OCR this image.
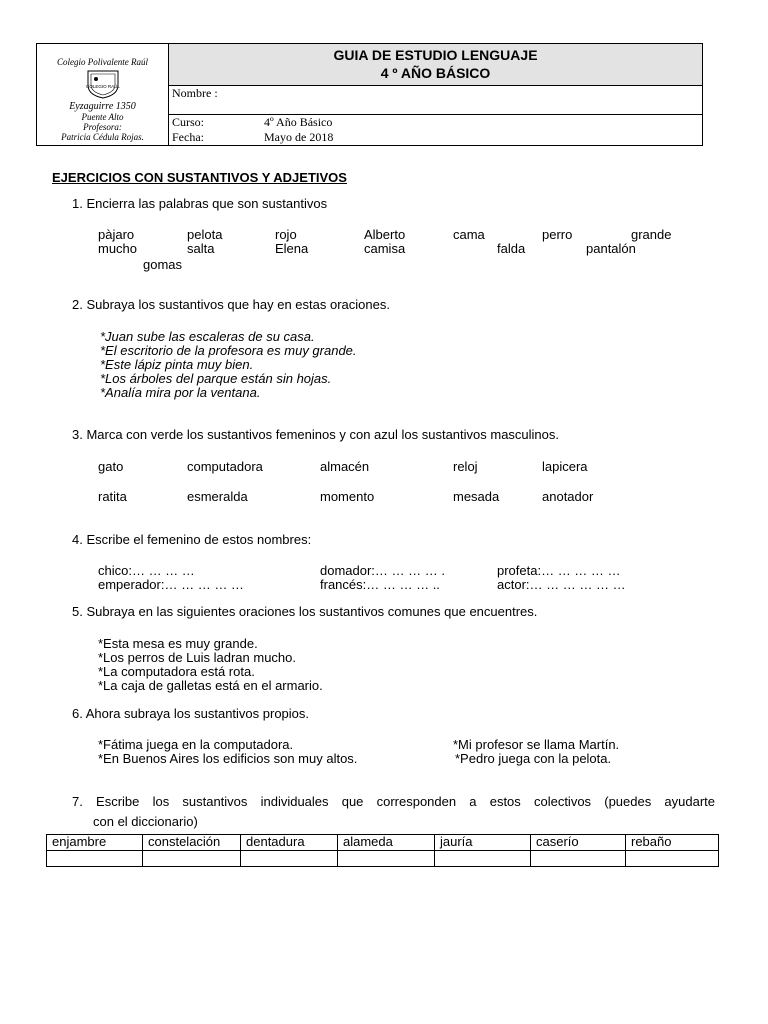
Colegio Polivalente Raúl
COLEGIO RAÚL
Eyzaguirre 1350
Puente Alto
Profesora:
Patricia Cédula Rojas.
GUIA DE ESTUDIO LENGUAJE
4 º AÑO BÁSICO
Nombre :
Curso:	4º Año Básico
Fecha:	Mayo de 2018
EJERCICIOS CON SUSTANTIVOS Y ADJETIVOS
1. Encierra las palabras que son sustantivos
pàjaro	pelota	rojo	Alberto	cama	perro	grande
mucho	salta	Elena	camisa	falda	pantalón
gomas
2. Subraya los sustantivos que hay en estas oraciones.
*Juan sube las escaleras de su casa.
*El escritorio de la profesora es muy grande.
*Este lápiz pinta muy bien.
*Los árboles del parque están sin hojas.
*Analía mira por la ventana.
3. Marca con verde los sustantivos femeninos y con azul los sustantivos masculinos.
gato	computadora	almacén	reloj	lapicera
ratita	esmeralda	momento	mesada	anotador
4. Escribe el femenino de estos nombres:
chico:… … … …	domador:… … … … .	profeta:… … … … …
emperador:… … … … …	francés:… … … … ..	actor:… … … … … …
5. Subraya en las siguientes oraciones los sustantivos comunes que encuentres.
*Esta mesa es muy grande.
*Los perros de Luis ladran mucho.
*La computadora está rota.
*La caja de galletas está en el armario.
6. Ahora subraya los sustantivos propios.
*Fátima juega en la computadora.
*En Buenos Aires los edificios son muy altos.
*Mi profesor se llama Martín.
*Pedro juega con la pelota.
7. Escribe los sustantivos individuales que corresponden a estos colectivos (puedes ayudarte
con el diccionario)
enjambre	constelación	dentadura	alameda	jauría	caserío	rebaño
